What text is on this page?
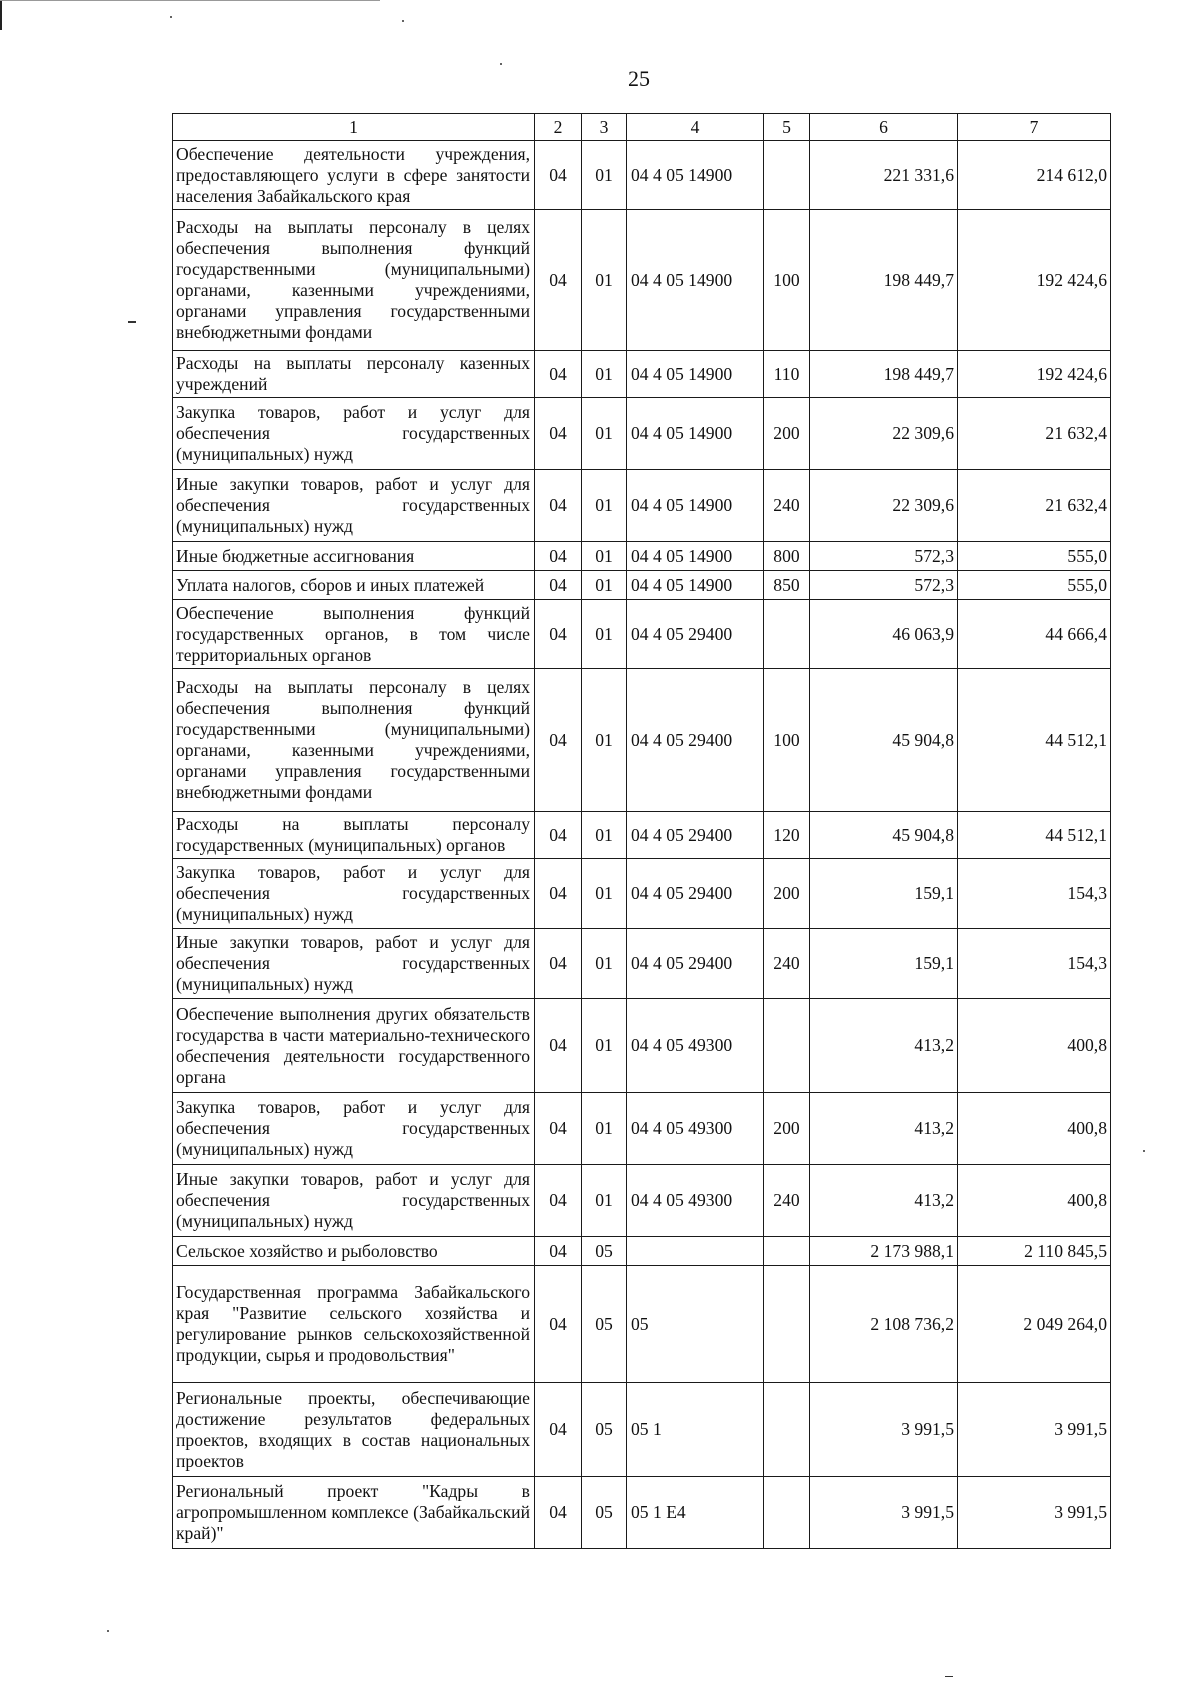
25
1	2	3	4	5	6	7
Обеспечение деятельности учреждения, предоставляющего услуги в сфере занятости населения Забайкальского края	04	01	04 4 05 14900		221 331,6	214 612,0
Расходы на выплаты персоналу в целях обеспечения выполнения функций государственными (муниципальными) органами, казенными учреждениями, органами управления государственными внебюджетными фондами	04	01	04 4 05 14900	100	198 449,7	192 424,6
Расходы на выплаты персоналу казенных учреждений	04	01	04 4 05 14900	110	198 449,7	192 424,6
Закупка товаров, работ и услуг для обеспечения государственных (муниципальных) нужд	04	01	04 4 05 14900	200	22 309,6	21 632,4
Иные закупки товаров, работ и услуг для обеспечения государственных (муниципальных) нужд	04	01	04 4 05 14900	240	22 309,6	21 632,4
Иные бюджетные ассигнования	04	01	04 4 05 14900	800	572,3	555,0
Уплата налогов, сборов и иных платежей	04	01	04 4 05 14900	850	572,3	555,0
Обеспечение выполнения функций государственных органов, в том числе территориальных органов	04	01	04 4 05 29400		46 063,9	44 666,4
Расходы на выплаты персоналу в целях обеспечения выполнения функций государственными (муниципальными) органами, казенными учреждениями, органами управления государственными внебюджетными фондами	04	01	04 4 05 29400	100	45 904,8	44 512,1
Расходы на выплаты персоналу государственных (муниципальных) органов	04	01	04 4 05 29400	120	45 904,8	44 512,1
Закупка товаров, работ и услуг для обеспечения государственных (муниципальных) нужд	04	01	04 4 05 29400	200	159,1	154,3
Иные закупки товаров, работ и услуг для обеспечения государственных (муниципальных) нужд	04	01	04 4 05 29400	240	159,1	154,3
Обеспечение выполнения других обязательств государства в части материально-технического обеспечения деятельности государственного органа	04	01	04 4 05 49300		413,2	400,8
Закупка товаров, работ и услуг для обеспечения государственных (муниципальных) нужд	04	01	04 4 05 49300	200	413,2	400,8
Иные закупки товаров, работ и услуг для обеспечения государственных (муниципальных) нужд	04	01	04 4 05 49300	240	413,2	400,8
Сельское хозяйство и рыболовство	04	05			2 173 988,1	2 110 845,5
Государственная программа Забайкальского края "Развитие сельского хозяйства и регулирование рынков сельскохозяйственной продукции, сырья и продовольствия"	04	05	05		2 108 736,2	2 049 264,0
Региональные проекты, обеспечивающие достижение результатов федеральных проектов, входящих в состав национальных проектов	04	05	05 1		3 991,5	3 991,5
Региональный проект "Кадры в агропромышленном комплексе (Забайкальский край)"	04	05	05 1 E4		3 991,5	3 991,5
